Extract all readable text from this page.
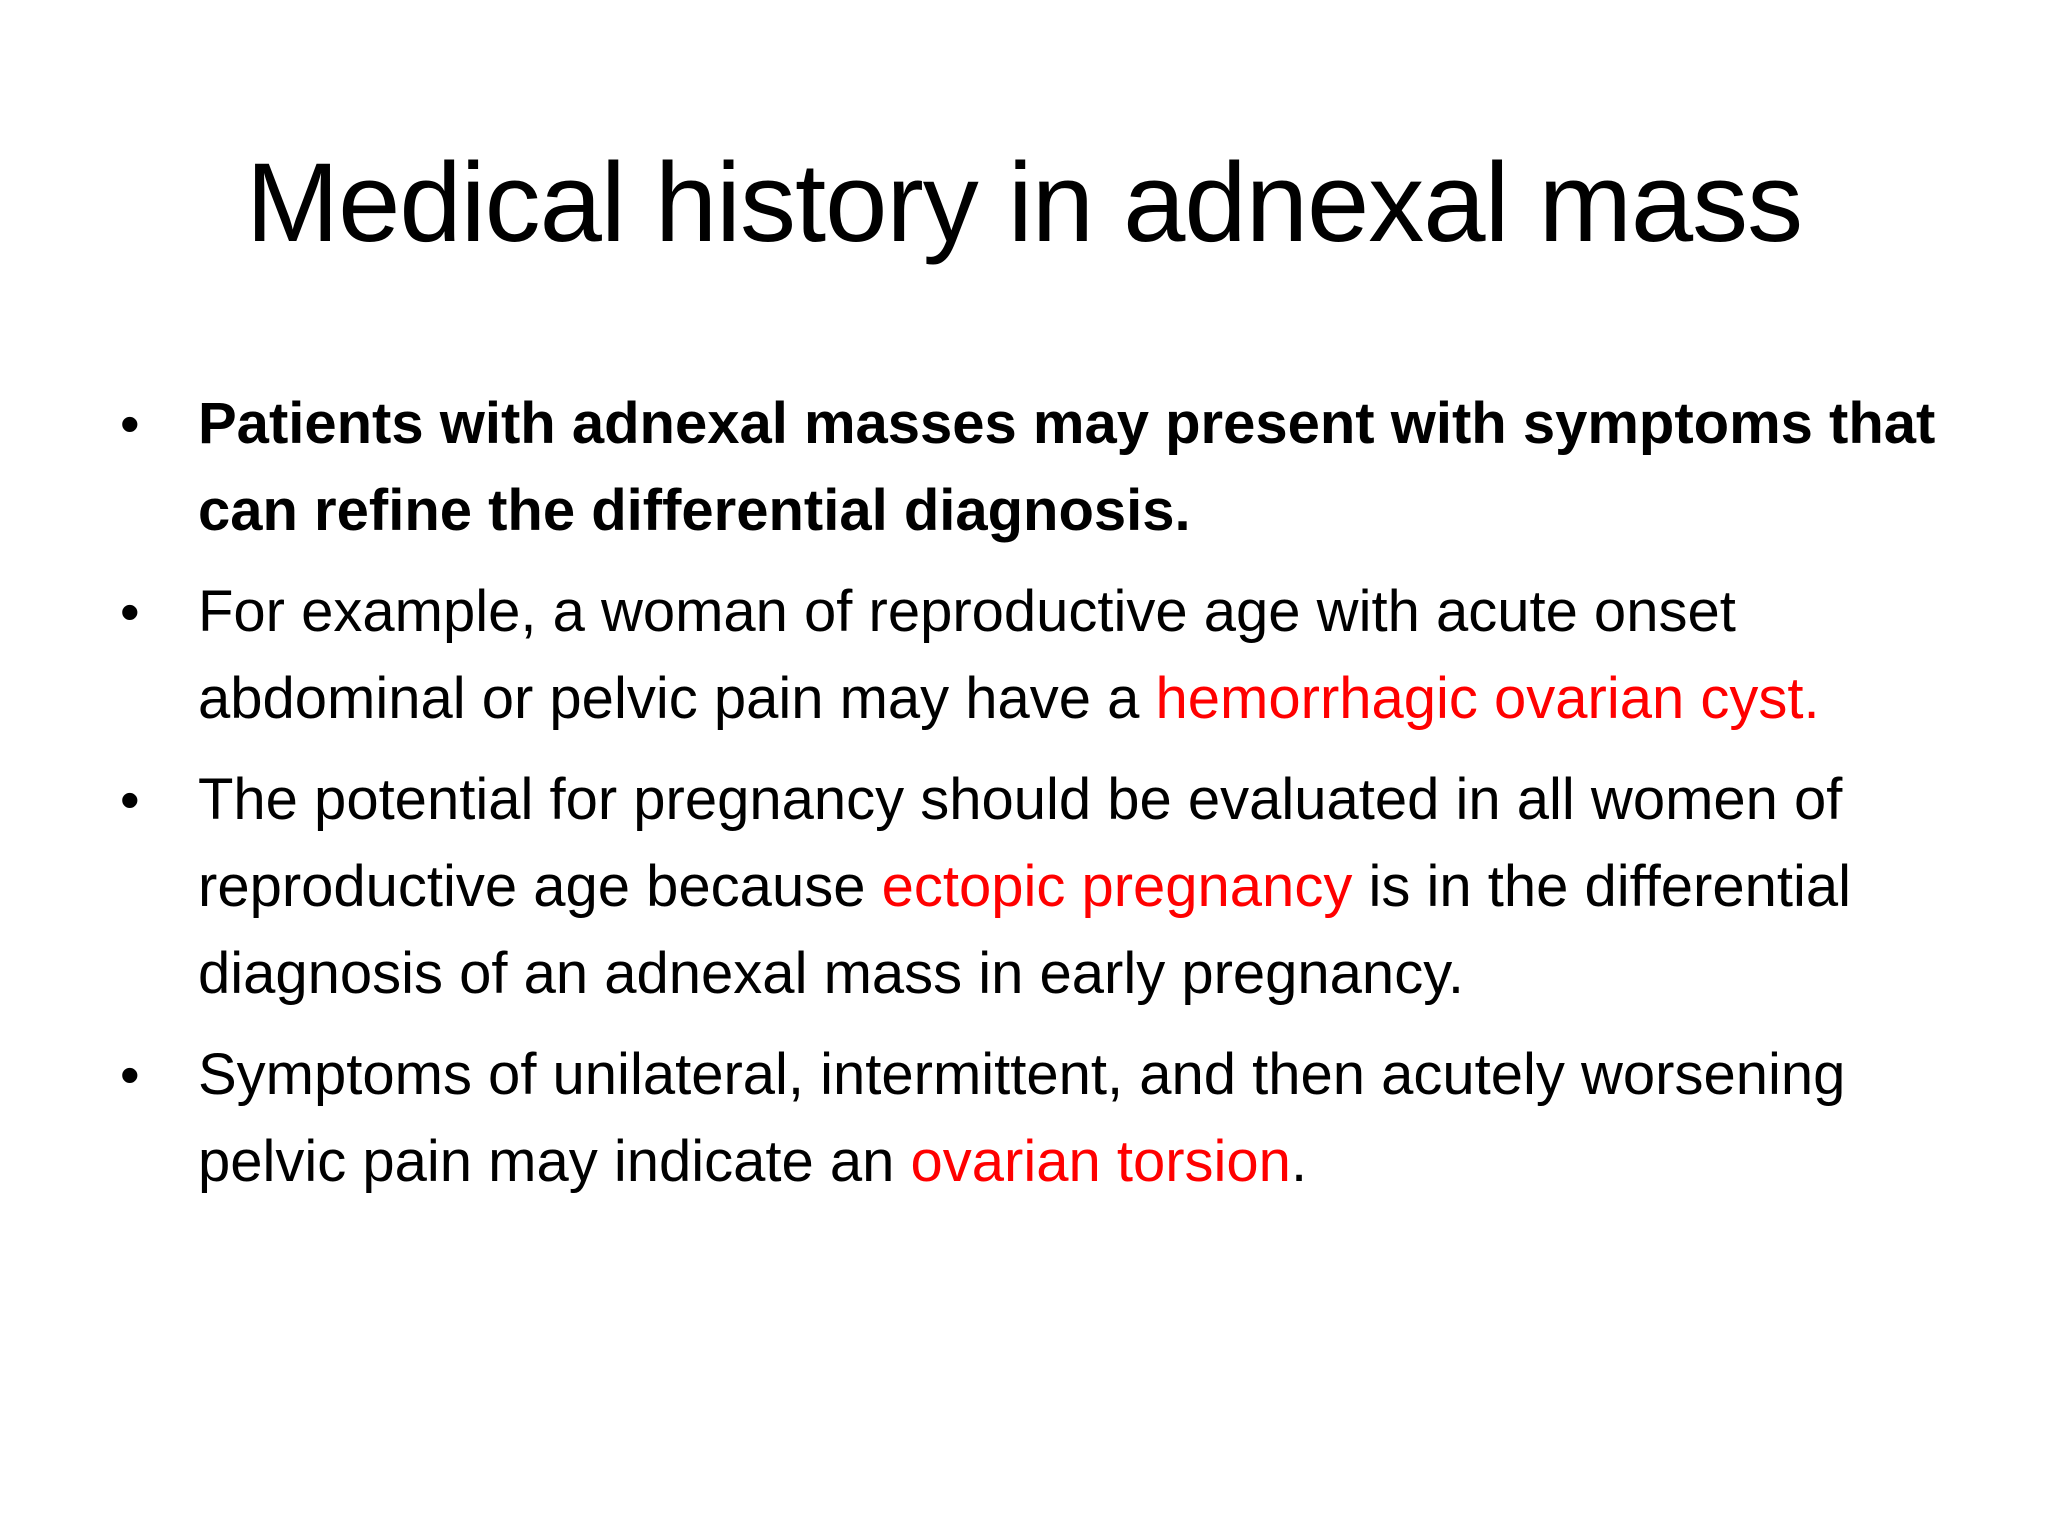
Medical history in adnexal mass
•	Patients with adnexal masses may present with symptoms that can refine the differential diagnosis.
•	For example, a woman of reproductive age with acute onset abdominal or pelvic pain may have a hemorrhagic ovarian cyst.
•	The potential for pregnancy should be evaluated in all women of reproductive age because ectopic pregnancy is in the differential diagnosis of an adnexal mass in early pregnancy.
•	Symptoms of unilateral, intermittent, and then acutely worsening pelvic pain may indicate an ovarian torsion.
